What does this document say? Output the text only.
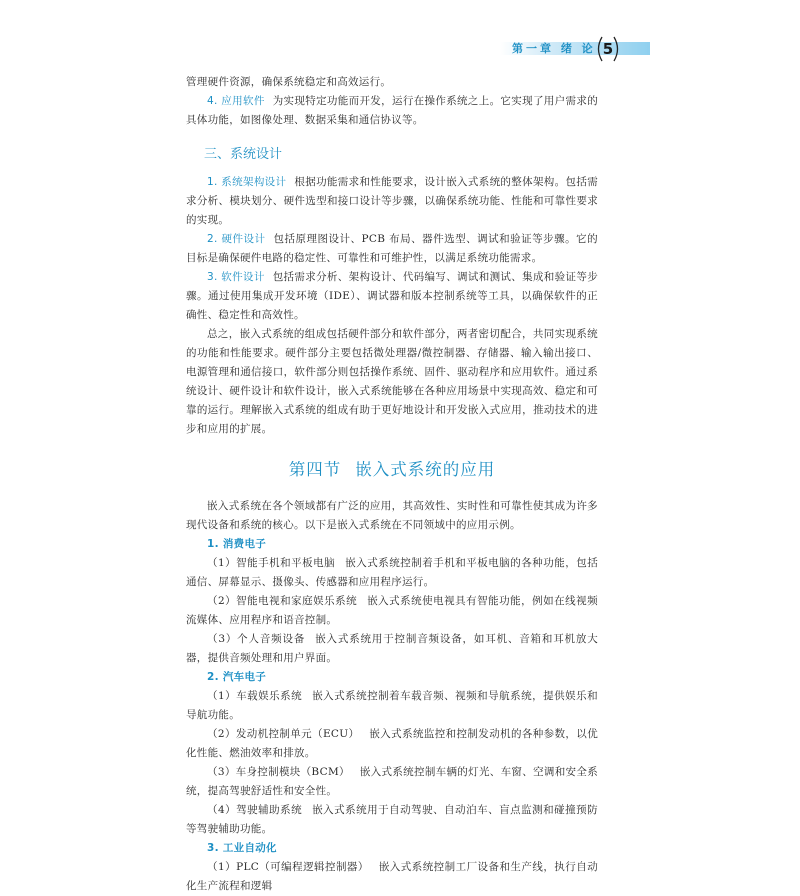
第一章 绪 论 5

管理硬件资源，确保系统稳定和高效运行。

4. 应用软件 为实现特定功能而开发，运行在操作系统之上。它实现了用户需求的具体功能，如图像处理、数据采集和通信协议等。

三、系统设计

1. 系统架构设计 根据功能需求和性能要求，设计嵌入式系统的整体架构。包括需求分析、模块划分、硬件选型和接口设计等步骤，以确保系统功能、性能和可靠性要求的实现。

2. 硬件设计 包括原理图设计、PCB 布局、器件选型、调试和验证等步骤。它的目标是确保硬件电路的稳定性、可靠性和可维护性，以满足系统功能需求。

3. 软件设计 包括需求分析、架构设计、代码编写、调试和测试、集成和验证等步骤。通过使用集成开发环境（IDE）、调试器和版本控制系统等工具，以确保软件的正确性、稳定性和高效性。

总之，嵌入式系统的组成包括硬件部分和软件部分，两者密切配合，共同实现系统的功能和性能要求。硬件部分主要包括微处理器/微控制器、存储器、输入输出接口、电源管理和通信接口，软件部分则包括操作系统、固件、驱动程序和应用软件。通过系统设计、硬件设计和软件设计，嵌入式系统能够在各种应用场景中实现高效、稳定和可靠的运行。理解嵌入式系统的组成有助于更好地设计和开发嵌入式应用，推动技术的进步和应用的扩展。

第四节 嵌入式系统的应用

嵌入式系统在各个领域都有广泛的应用，其高效性、实时性和可靠性使其成为许多现代设备和系统的核心。以下是嵌入式系统在不同领域中的应用示例。

1. 消费电子

（1）智能手机和平板电脑 嵌入式系统控制着手机和平板电脑的各种功能，包括通信、屏幕显示、摄像头、传感器和应用程序运行。

（2）智能电视和家庭娱乐系统 嵌入式系统使电视具有智能功能，例如在线视频流媒体、应用程序和语音控制。

（3）个人音频设备 嵌入式系统用于控制音频设备，如耳机、音箱和耳机放大器，提供音频处理和用户界面。

2. 汽车电子

（1）车载娱乐系统 嵌入式系统控制着车载音频、视频和导航系统，提供娱乐和导航功能。

（2）发动机控制单元（ECU） 嵌入式系统监控和控制发动机的各种参数，以优化性能、燃油效率和排放。

（3）车身控制模块（BCM） 嵌入式系统控制车辆的灯光、车窗、空调和安全系统，提高驾驶舒适性和安全性。

（4）驾驶辅助系统 嵌入式系统用于自动驾驶、自动泊车、盲点监测和碰撞预防等驾驶辅助功能。

3. 工业自动化

（1）PLC（可编程逻辑控制器） 嵌入式系统控制工厂设备和生产线，执行自动化生产流程和逻辑
